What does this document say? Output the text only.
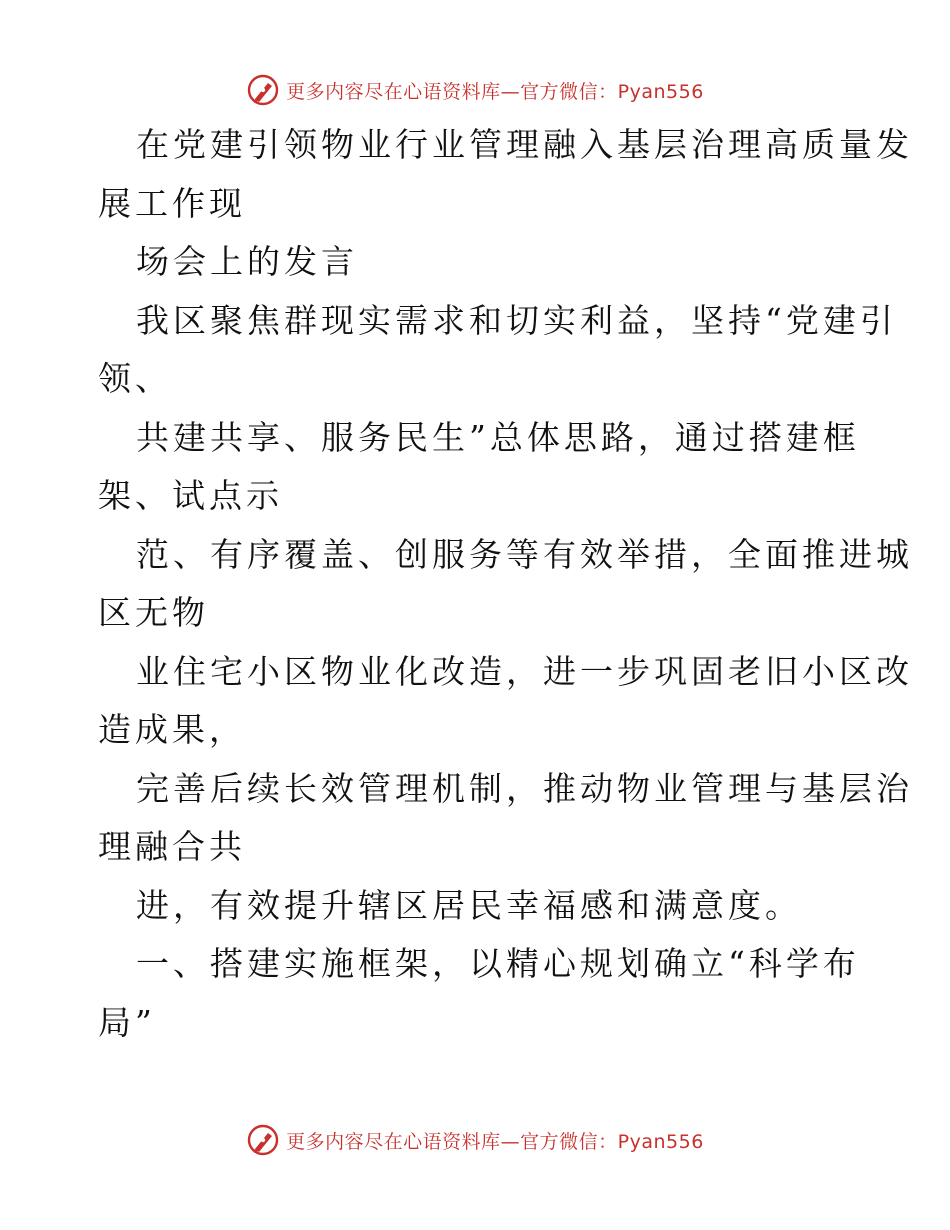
更多内容尽在心语资料库—官方微信：Pyan556
在党建引领物业行业管理融入基层治理高质量发
展工作现
场会上的发言
我区聚焦群现实需求和切实利益，坚持“党建引
领、
共建共享、服务民生”总体思路，通过搭建框
架、试点示
范、有序覆盖、创服务等有效举措，全面推进城
区无物
业住宅小区物业化改造，进一步巩固老旧小区改
造成果，
完善后续长效管理机制，推动物业管理与基层治
理融合共
进，有效提升辖区居民幸福感和满意度。
一、搭建实施框架，以精心规划确立“科学布
局”
更多内容尽在心语资料库—官方微信：Pyan556
